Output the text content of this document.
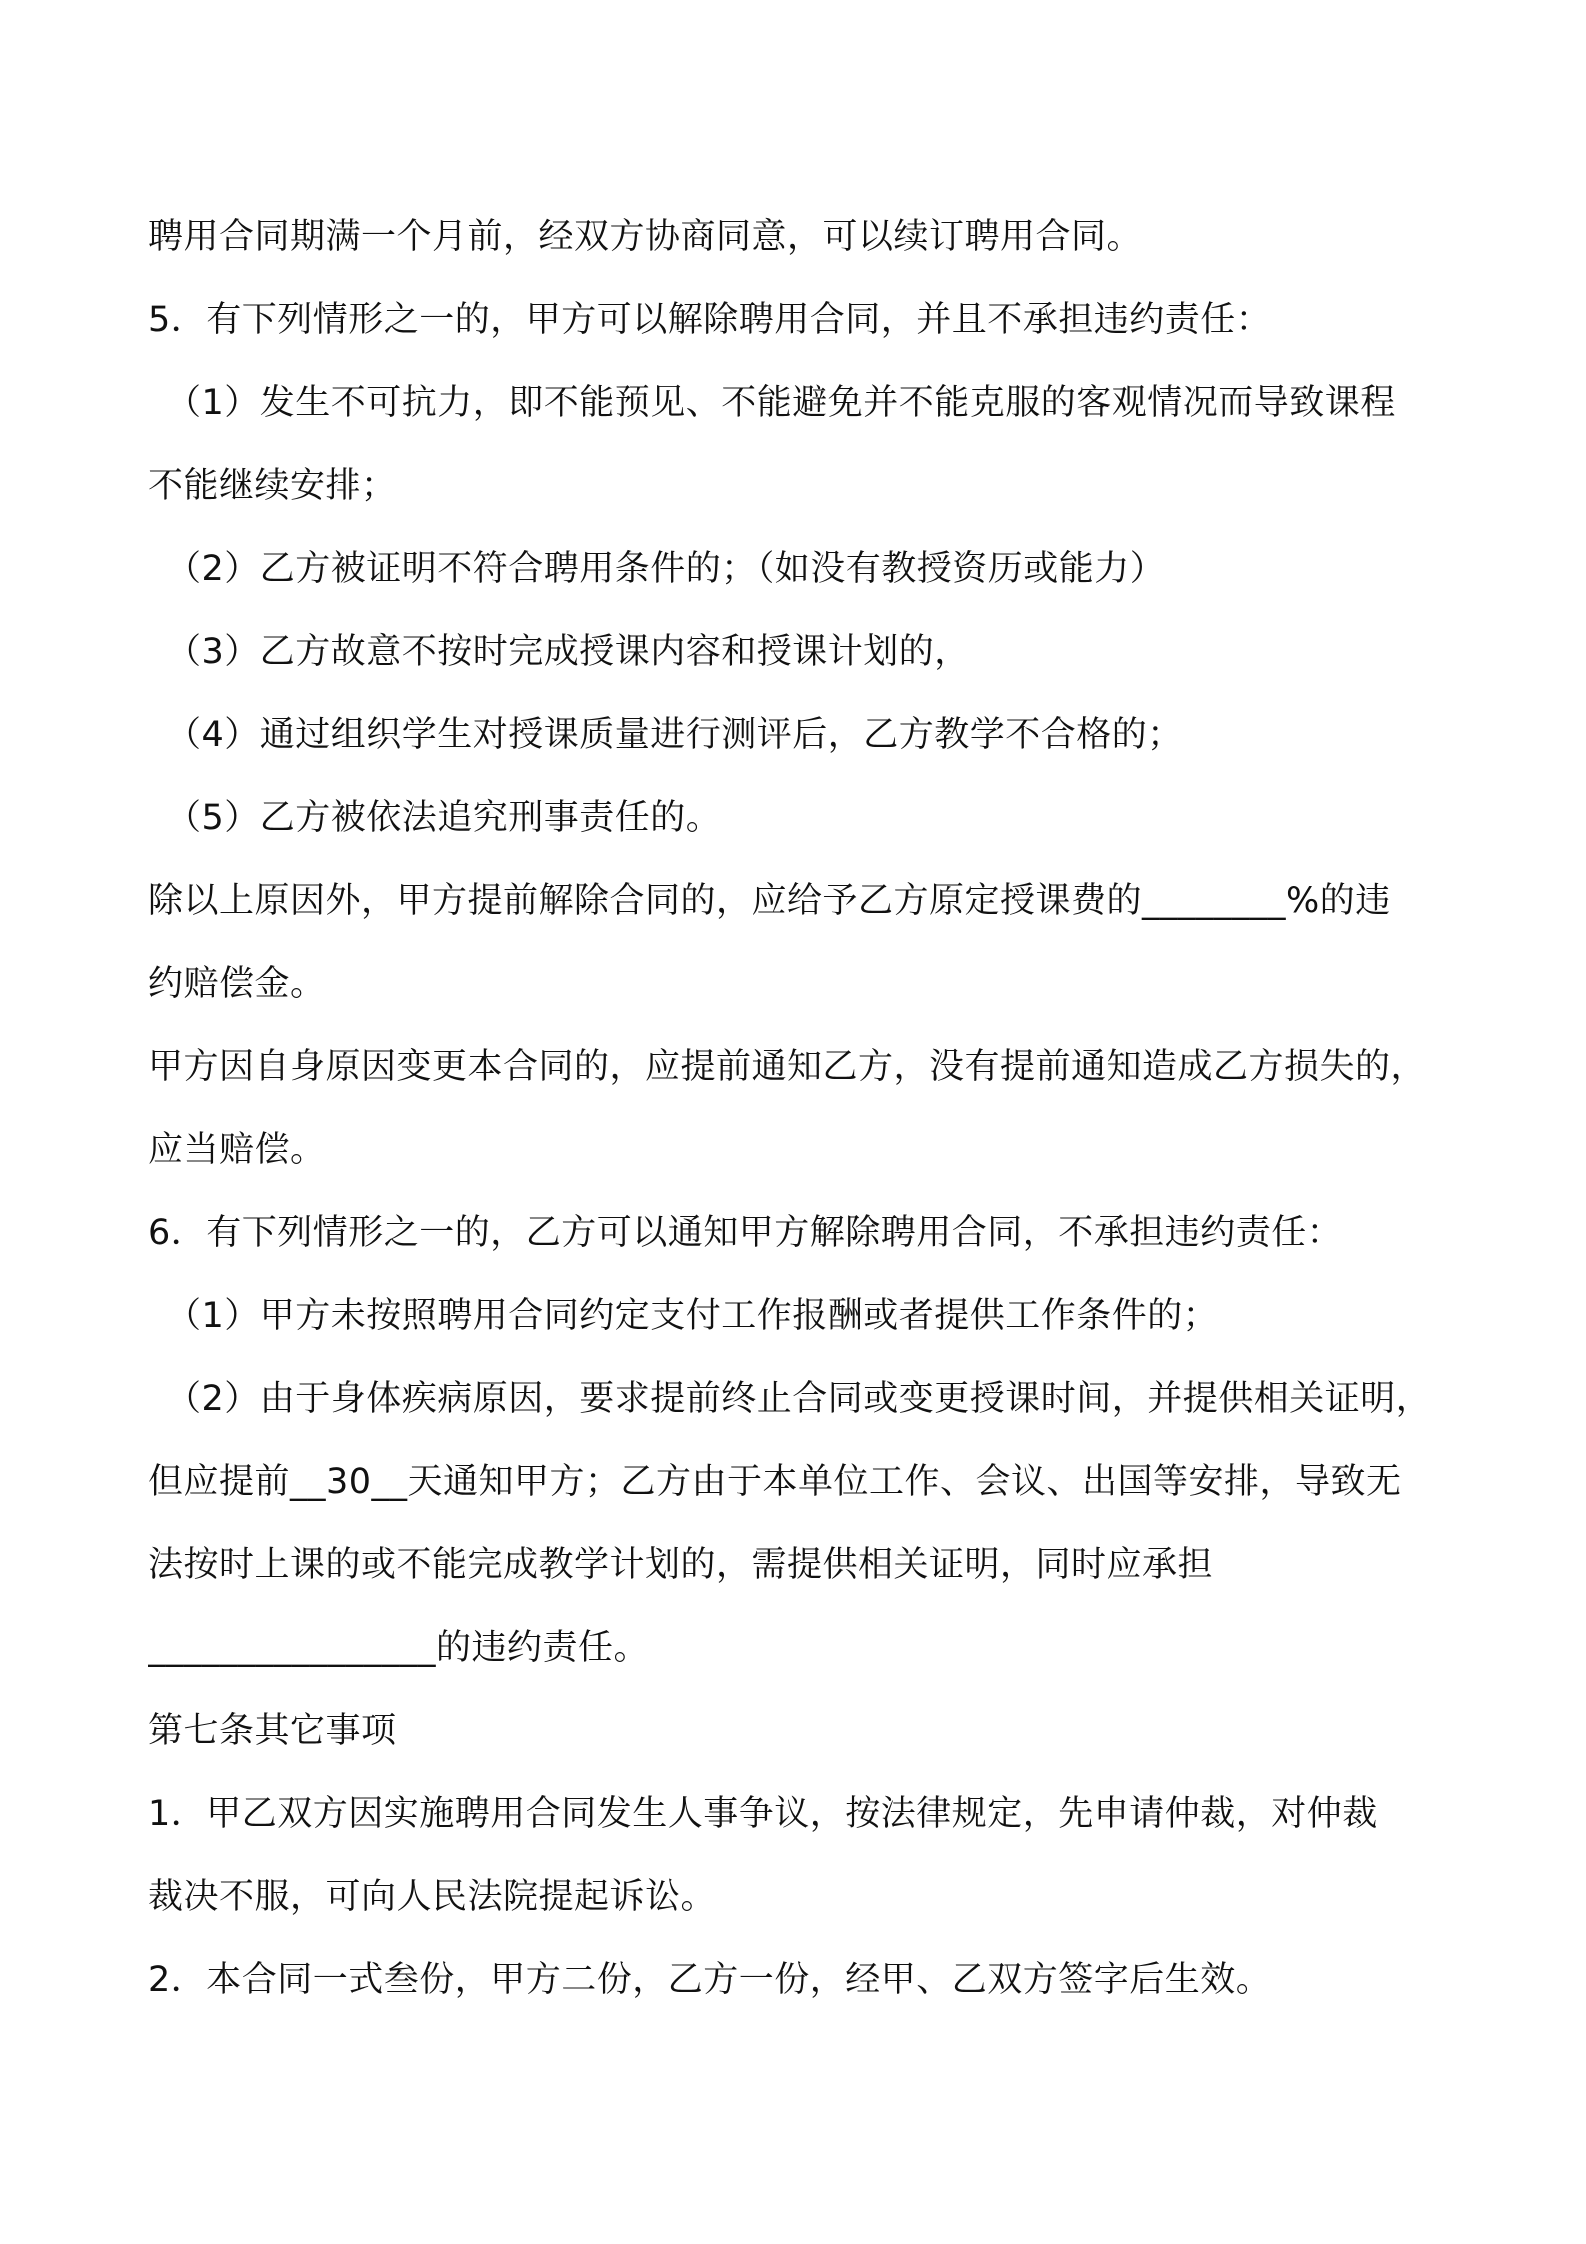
聘用合同期满一个月前，经双方协商同意，可以续订聘用合同。
5．有下列情形之一的，甲方可以解除聘用合同，并且不承担违约责任：
（1）发生不可抗力，即不能预见、不能避免并不能克服的客观情况而导致课程
不能继续安排；
（2）乙方被证明不符合聘用条件的；（如没有教授资历或能力）
（3）乙方故意不按时完成授课内容和授课计划的，
（4）通过组织学生对授课质量进行测评后，乙方教学不合格的；
（5）乙方被依法追究刑事责任的。
除以上原因外，甲方提前解除合同的，应给予乙方原定授课费的________%的违
约赔偿金。
甲方因自身原因变更本合同的，应提前通知乙方，没有提前通知造成乙方损失的，
应当赔偿。
6．有下列情形之一的，乙方可以通知甲方解除聘用合同，不承担违约责任：
（1）甲方未按照聘用合同约定支付工作报酬或者提供工作条件的；
（2）由于身体疾病原因，要求提前终止合同或变更授课时间，并提供相关证明，
但应提前__30__天通知甲方；乙方由于本单位工作、会议、出国等安排，导致无
法按时上课的或不能完成教学计划的，需提供相关证明，同时应承担
________________的违约责任。
第七条其它事项
1．甲乙双方因实施聘用合同发生人事争议，按法律规定，先申请仲裁，对仲裁
裁决不服，可向人民法院提起诉讼。
2．本合同一式叁份，甲方二份，乙方一份，经甲、乙双方签字后生效。
